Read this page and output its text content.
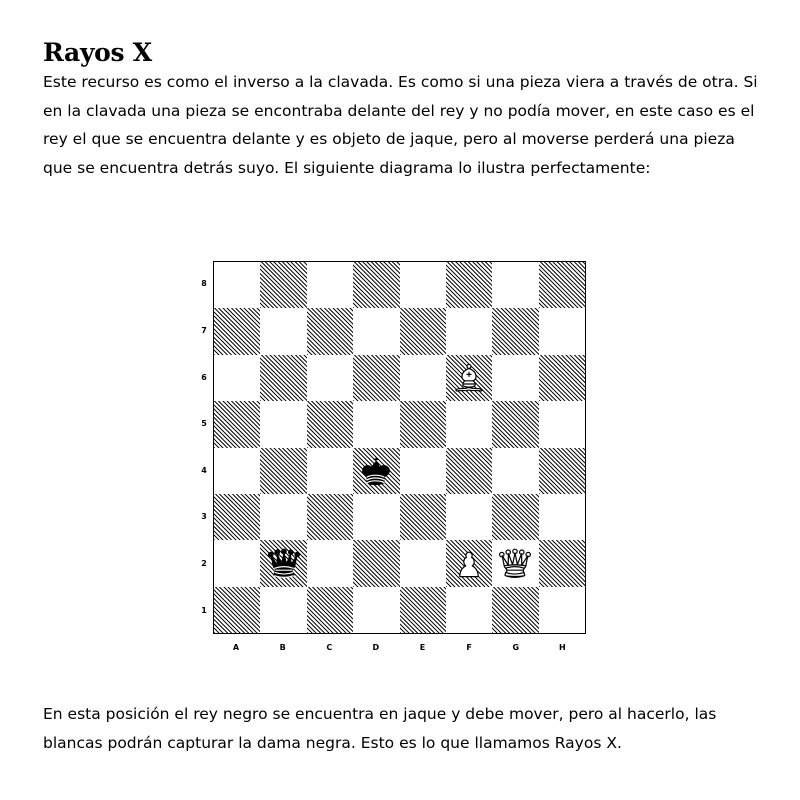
Rayos X

Este recurso es como el inverso a la clavada. Es como si una pieza viera a través de otra. Si en la clavada una pieza se encontraba delante del rey y no podía mover, en este caso es el rey el que se encuentra delante y es objeto de jaque, pero al moverse perderá una pieza que se encuentra detrás suyo. El siguiente diagrama lo ilustra perfectamente:

8
7
6
5
4
3
2
1
A	B	C	D	E	F	G	H

En esta posición el rey negro se encuentra en jaque y debe mover, pero al hacerlo, las blancas podrán capturar la dama negra. Esto es lo que llamamos Rayos X.
